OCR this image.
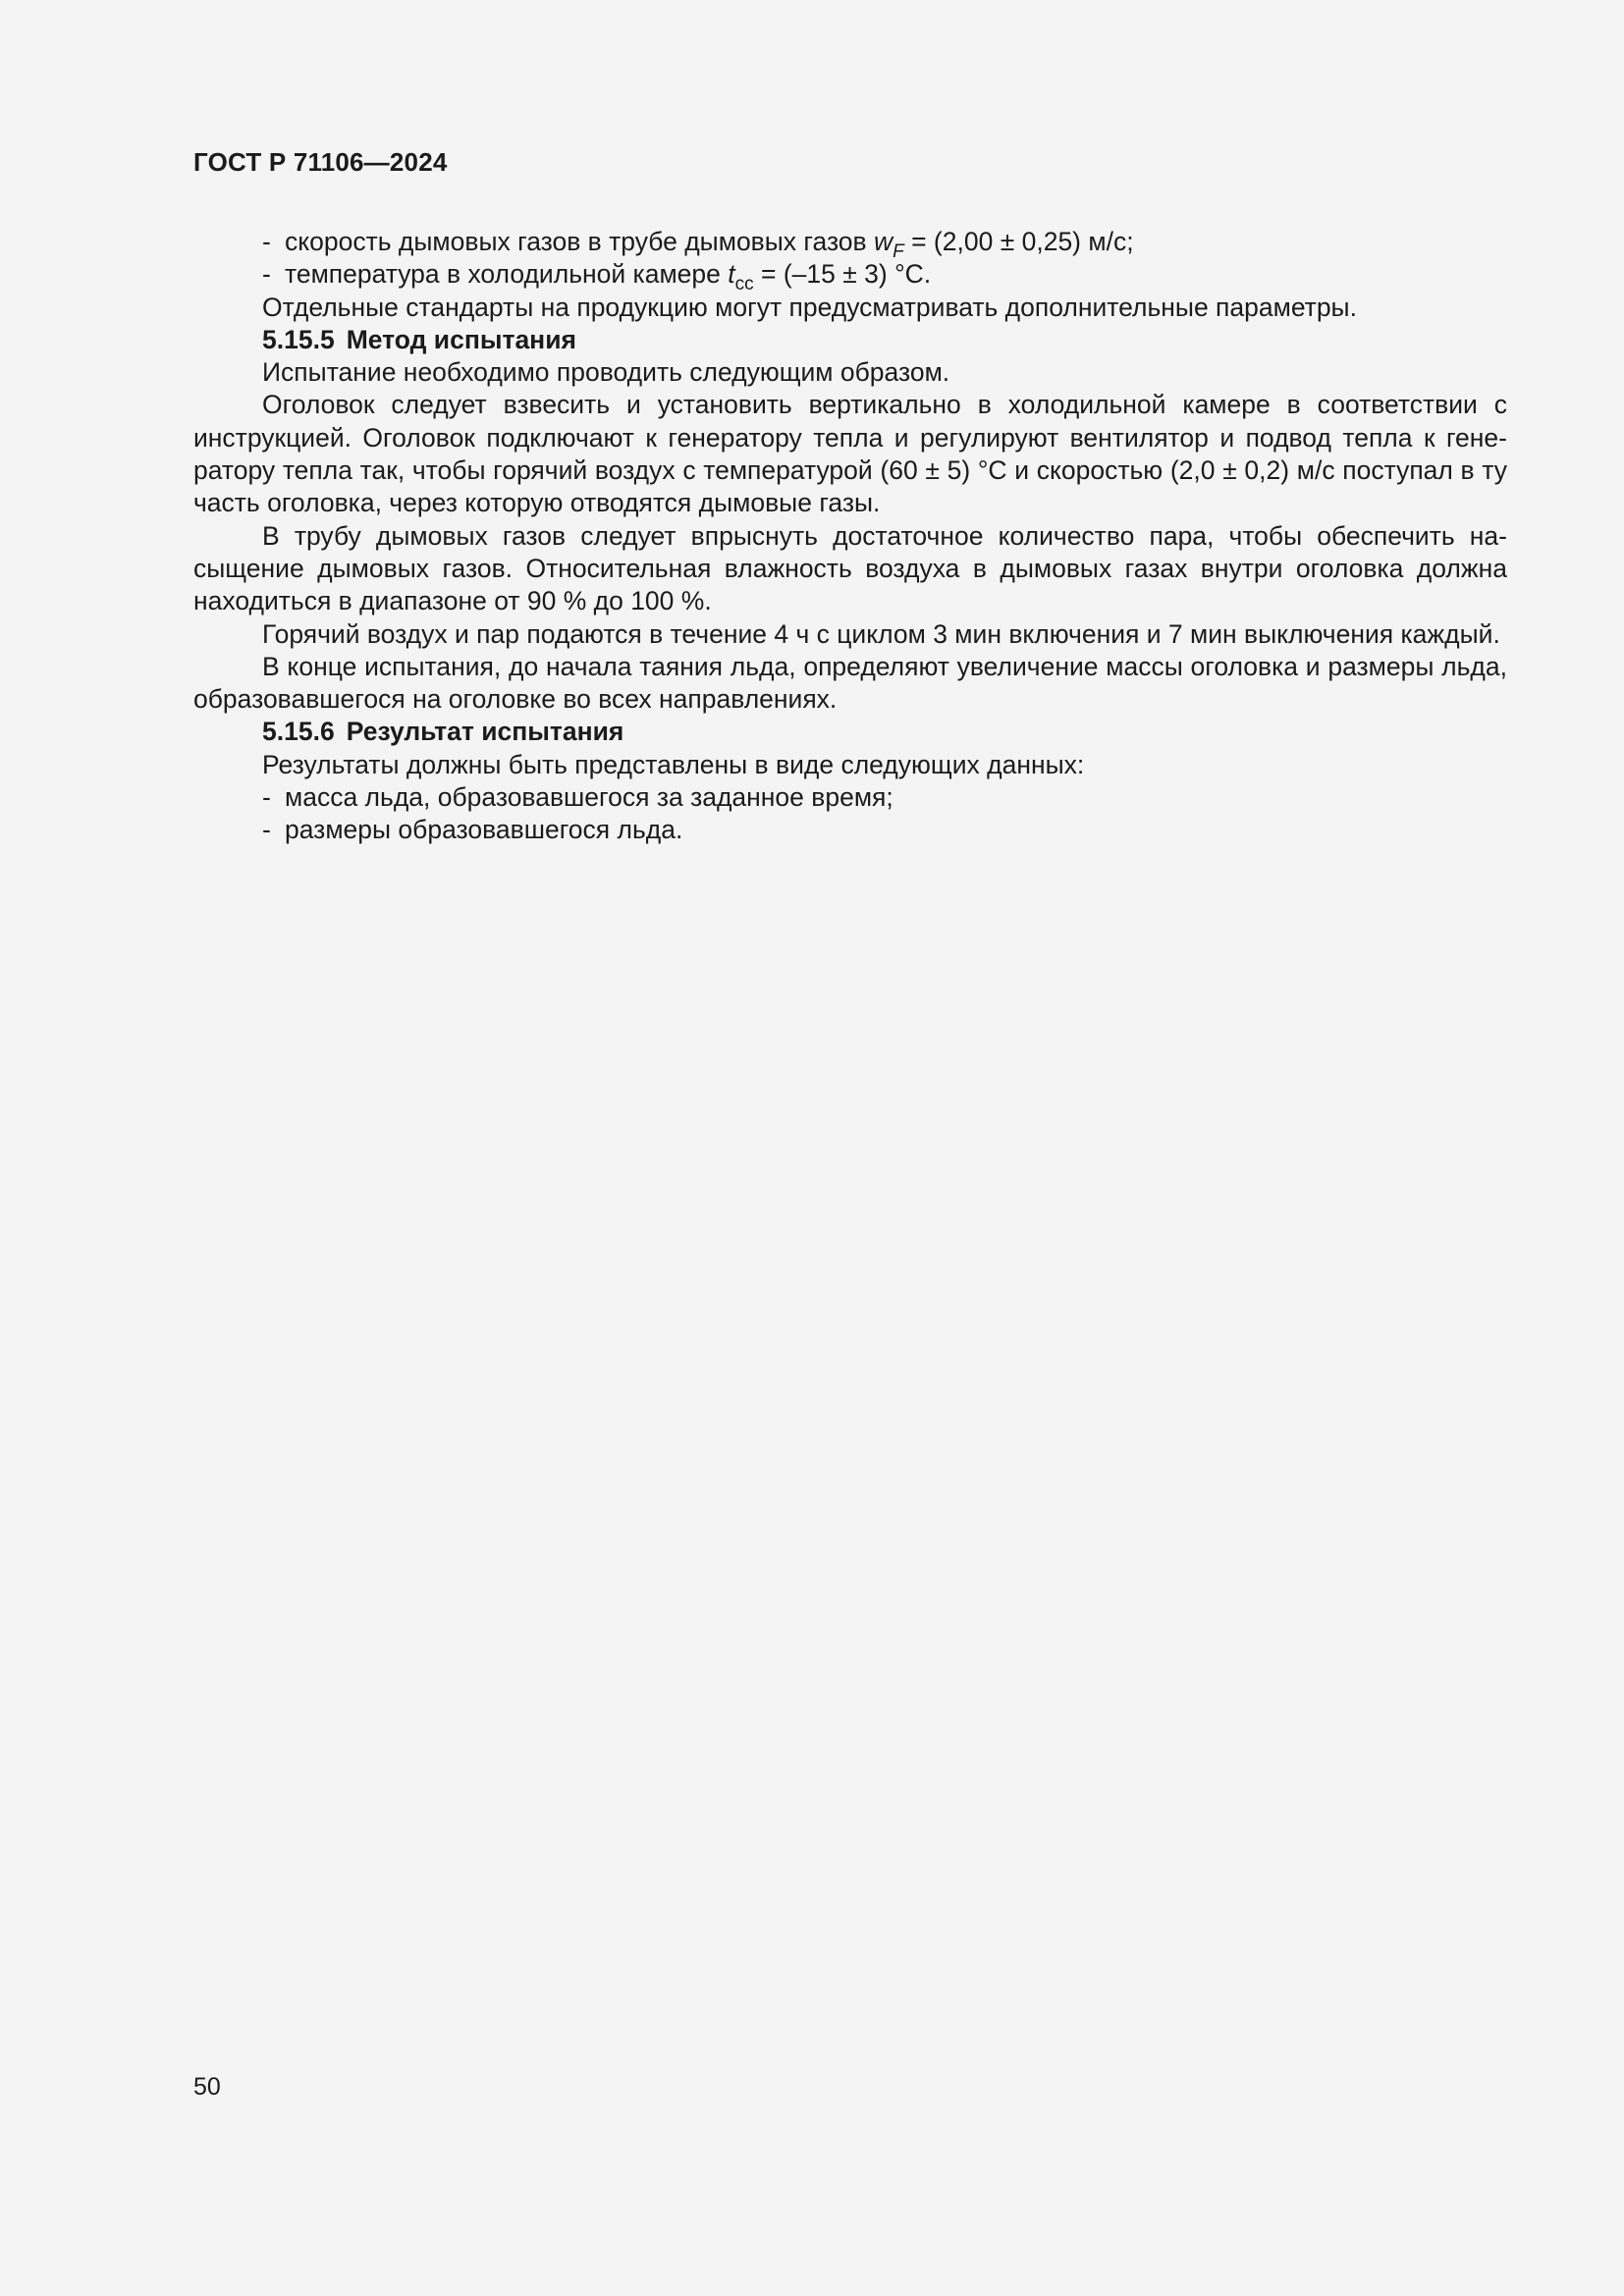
ГОСТ Р 71106—2024
- скорость дымовых газов в трубе дымовых газов $w_F = (2,00 \pm 0,25)$ м/с;
- температура в холодильной камере $t_{cc} = (-15 \pm 3)$ °С.
Отдельные стандарты на продукцию могут предусматривать дополнительные параметры.
5.15.5 Метод испытания
Испытание необходимо проводить следующим образом.

Оголовок следует взвесить и установить вертикально в холодильной камере в соответствии с инструкцией. Оголовок подключают к генератору тепла и регулируют вентилятор и подвод тепла к генератору тепла так, чтобы горячий воздух с температурой (60 ± 5) °С и скоростью (2,0 ± 0,2) м/с поступал в ту часть оголовка, через которую отводятся дымовые газы.

В трубу дымовых газов следует впрыснуть достаточное количество пара, чтобы обеспечить насыщение дымовых газов. Относительная влажность воздуха в дымовых газах внутри оголовка должна находиться в диапазоне от 90 % до 100 %.

Горячий воздух и пар подаются в течение 4 ч с циклом 3 мин включения и 7 мин выключения каждый.

В конце испытания, до начала таяния льда, определяют увеличение массы оголовка и размеры льда, образовавшегося на оголовке во всех направлениях.

5.15.6 Результат испытания
Результаты должны быть представлены в виде следующих данных:
- масса льда, образовавшегося за заданное время;
- размеры образовавшегося льда.
50
